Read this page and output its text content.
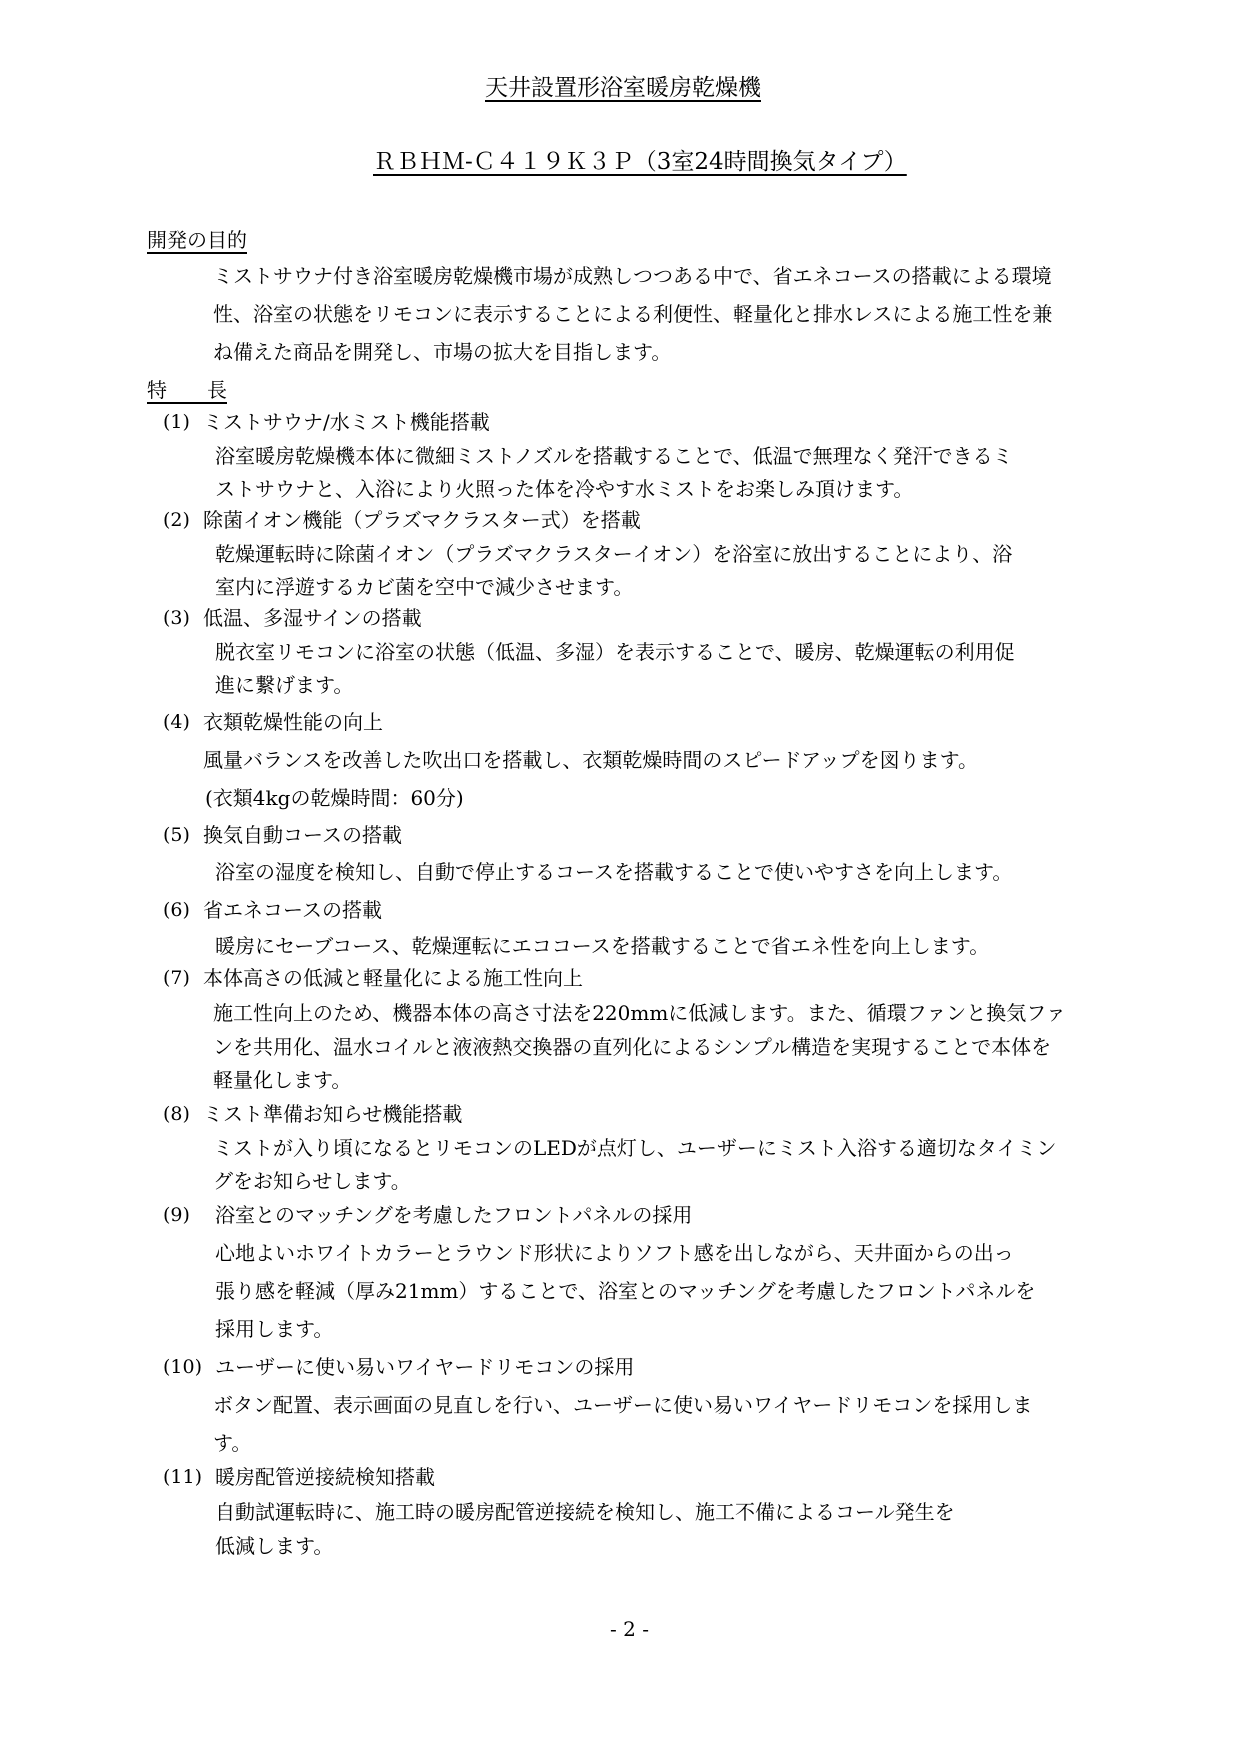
天井設置形浴室暖房乾燥機
ＲＢＨＭ-Ｃ４１９Ｋ３Ｐ（3室24時間換気タイプ）
開発の目的
ミストサウナ付き浴室暖房乾燥機市場が成熟しつつある中で、省エネコースの搭載による環境
性、浴室の状態をリモコンに表示することによる利便性、軽量化と排水レスによる施工性を兼
ね備えた商品を開発し、市場の拡大を目指します。
特　　長
(1) ミストサウナ/水ミスト機能搭載
浴室暖房乾燥機本体に微細ミストノズルを搭載することで、低温で無理なく発汗できるミ
ストサウナと、入浴により火照った体を冷やす水ミストをお楽しみ頂けます。
(2) 除菌イオン機能（プラズマクラスター式）を搭載
乾燥運転時に除菌イオン（プラズマクラスターイオン）を浴室に放出することにより、浴
室内に浮遊するカビ菌を空中で減少させます。
(3) 低温、多湿サインの搭載
脱衣室リモコンに浴室の状態（低温、多湿）を表示することで、暖房、乾燥運転の利用促
進に繋げます。
(4) 衣類乾燥性能の向上
風量バランスを改善した吹出口を搭載し、衣類乾燥時間のスピードアップを図ります。
(衣類4kgの乾燥時間：60分)
(5) 換気自動コースの搭載
浴室の湿度を検知し、自動で停止するコースを搭載することで使いやすさを向上します。
(6) 省エネコースの搭載
暖房にセーブコース、乾燥運転にエココースを搭載することで省エネ性を向上します。
(7) 本体高さの低減と軽量化による施工性向上
施工性向上のため、機器本体の高さ寸法を220mmに低減します。また、循環ファンと換気ファ
ンを共用化、温水コイルと液液熱交換器の直列化によるシンプル構造を実現することで本体を
軽量化します。
(8) ミスト準備お知らせ機能搭載
ミストが入り頃になるとリモコンのLEDが点灯し、ユーザーにミスト入浴する適切なタイミン
グをお知らせします。
(9) 浴室とのマッチングを考慮したフロントパネルの採用
心地よいホワイトカラーとラウンド形状によりソフト感を出しながら、天井面からの出っ
張り感を軽減（厚み21mm）することで、浴室とのマッチングを考慮したフロントパネルを
採用します。
(10) ユーザーに使い易いワイヤードリモコンの採用
ボタン配置、表示画面の見直しを行い、ユーザーに使い易いワイヤードリモコンを採用しま
す。
(11) 暖房配管逆接続検知搭載
自動試運転時に、施工時の暖房配管逆接続を検知し、施工不備によるコール発生を
低減します。
- 2 -
